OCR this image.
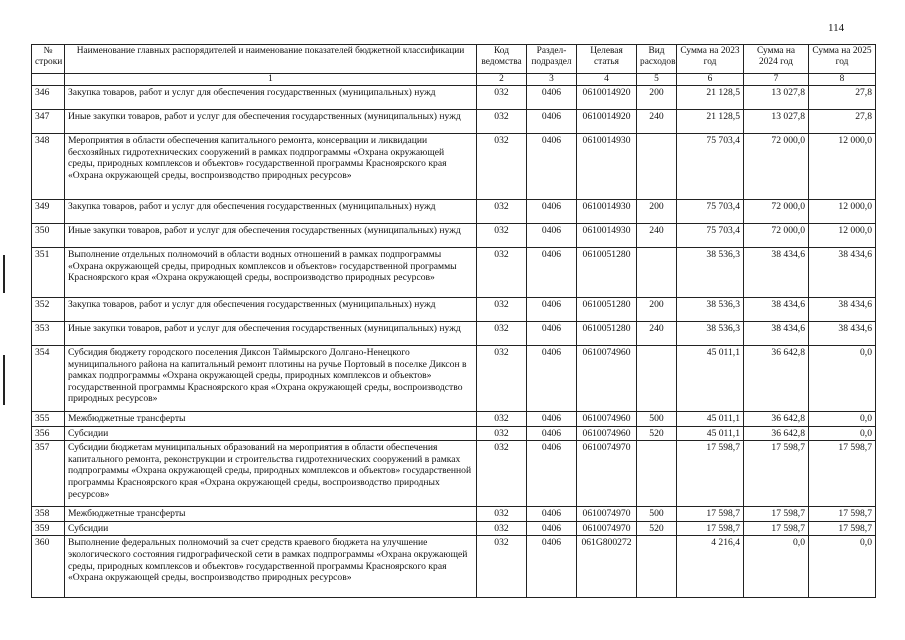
114
№ строки	Наименование главных распорядителей и наименование показателей бюджетной классификации	Код ведомства	Раздел-подраздел	Целевая статья	Вид расходов	Сумма на 2023 год	Сумма на 2024 год	Сумма на 2025 год
	1	2	3	4	5	6	7	8
346	Закупка товаров, работ и услуг для обеспечения государственных (муниципальных) нужд	032	0406	0610014920	200	21 128,5	13 027,8	27,8
347	Иные закупки товаров, работ и услуг для обеспечения государственных (муниципальных) нужд	032	0406	0610014920	240	21 128,5	13 027,8	27,8
348	Мероприятия в области обеспечения капитального ремонта, консервации и ликвидации бесхозяйных гидротехнических сооружений в рамках подпрограммы «Охрана окружающей среды, природных комплексов и объектов» государственной программы Красноярского края «Охрана окружающей среды, воспроизводство природных ресурсов»	032	0406	0610014930		75 703,4	72 000,0	12 000,0
349	Закупка товаров, работ и услуг для обеспечения государственных (муниципальных) нужд	032	0406	0610014930	200	75 703,4	72 000,0	12 000,0
350	Иные закупки товаров, работ и услуг для обеспечения государственных (муниципальных) нужд	032	0406	0610014930	240	75 703,4	72 000,0	12 000,0
351	Выполнение отдельных полномочий в области водных отношений в рамках подпрограммы «Охрана окружающей среды, природных комплексов и объектов» государственной программы Красноярского края «Охрана окружающей среды, воспроизводство природных ресурсов»	032	0406	0610051280		38 536,3	38 434,6	38 434,6
352	Закупка товаров, работ и услуг для обеспечения государственных (муниципальных) нужд	032	0406	0610051280	200	38 536,3	38 434,6	38 434,6
353	Иные закупки товаров, работ и услуг для обеспечения государственных (муниципальных) нужд	032	0406	0610051280	240	38 536,3	38 434,6	38 434,6
354	Субсидия бюджету городского поселения Диксон Таймырского Долгано-Ненецкого муниципального района на капитальный ремонт плотины на ручье Портовый в поселке Диксон в рамках подпрограммы «Охрана окружающей среды, природных комплексов и объектов» государственной программы Красноярского края «Охрана окружающей среды, воспроизводство природных ресурсов»	032	0406	0610074960		45 011,1	36 642,8	0,0
355	Межбюджетные трансферты	032	0406	0610074960	500	45 011,1	36 642,8	0,0
356	Субсидии	032	0406	0610074960	520	45 011,1	36 642,8	0,0
357	Субсидии бюджетам муниципальных образований на мероприятия в области обеспечения капитального ремонта, реконструкции и строительства гидротехнических сооружений в рамках подпрограммы «Охрана окружающей среды, природных комплексов и объектов» государственной программы Красноярского края «Охрана окружающей среды, воспроизводство природных ресурсов»	032	0406	0610074970		17 598,7	17 598,7	17 598,7
358	Межбюджетные трансферты	032	0406	0610074970	500	17 598,7	17 598,7	17 598,7
359	Субсидии	032	0406	0610074970	520	17 598,7	17 598,7	17 598,7
360	Выполнение федеральных полномочий за счет средств краевого бюджета на улучшение экологического состояния гидрографической сети в рамках подпрограммы «Охрана окружающей среды, природных комплексов и объектов» государственной программы Красноярского края «Охрана окружающей среды, воспроизводство природных ресурсов»	032	0406	061G800272		4 216,4	0,0	0,0
